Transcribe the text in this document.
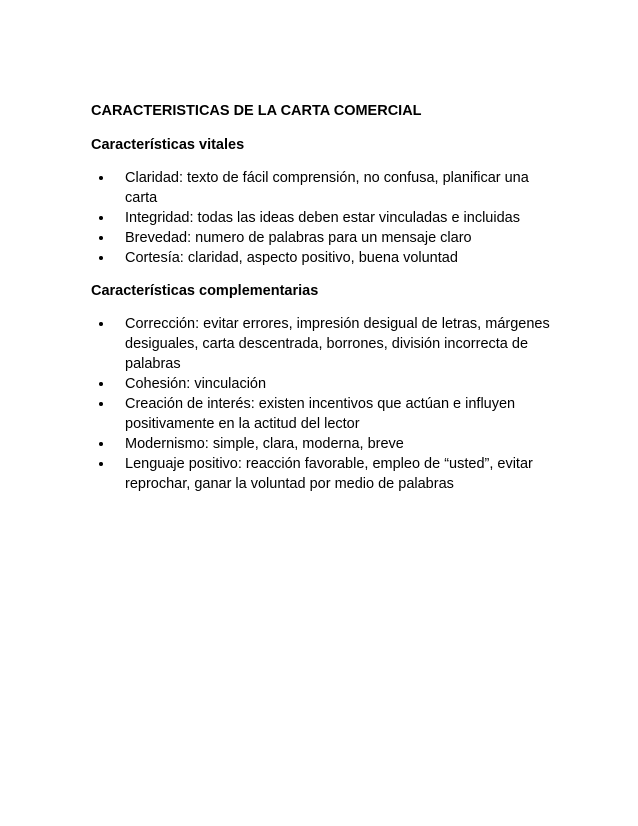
CARACTERISTICAS DE LA CARTA COMERCIAL
Características vitales
Claridad: texto de fácil comprensión, no confusa, planificar una carta
Integridad: todas las ideas deben estar vinculadas e incluidas
Brevedad: numero de palabras para un mensaje claro
Cortesía: claridad, aspecto positivo, buena voluntad
Características complementarias
Corrección: evitar errores, impresión desigual de letras, márgenes desiguales, carta descentrada, borrones, división incorrecta de palabras
Cohesión: vinculación
Creación de interés: existen incentivos que actúan e influyen positivamente en la actitud del lector
Modernismo: simple, clara, moderna, breve
Lenguaje positivo: reacción favorable, empleo de “usted”, evitar reprochar, ganar la voluntad por medio de palabras
